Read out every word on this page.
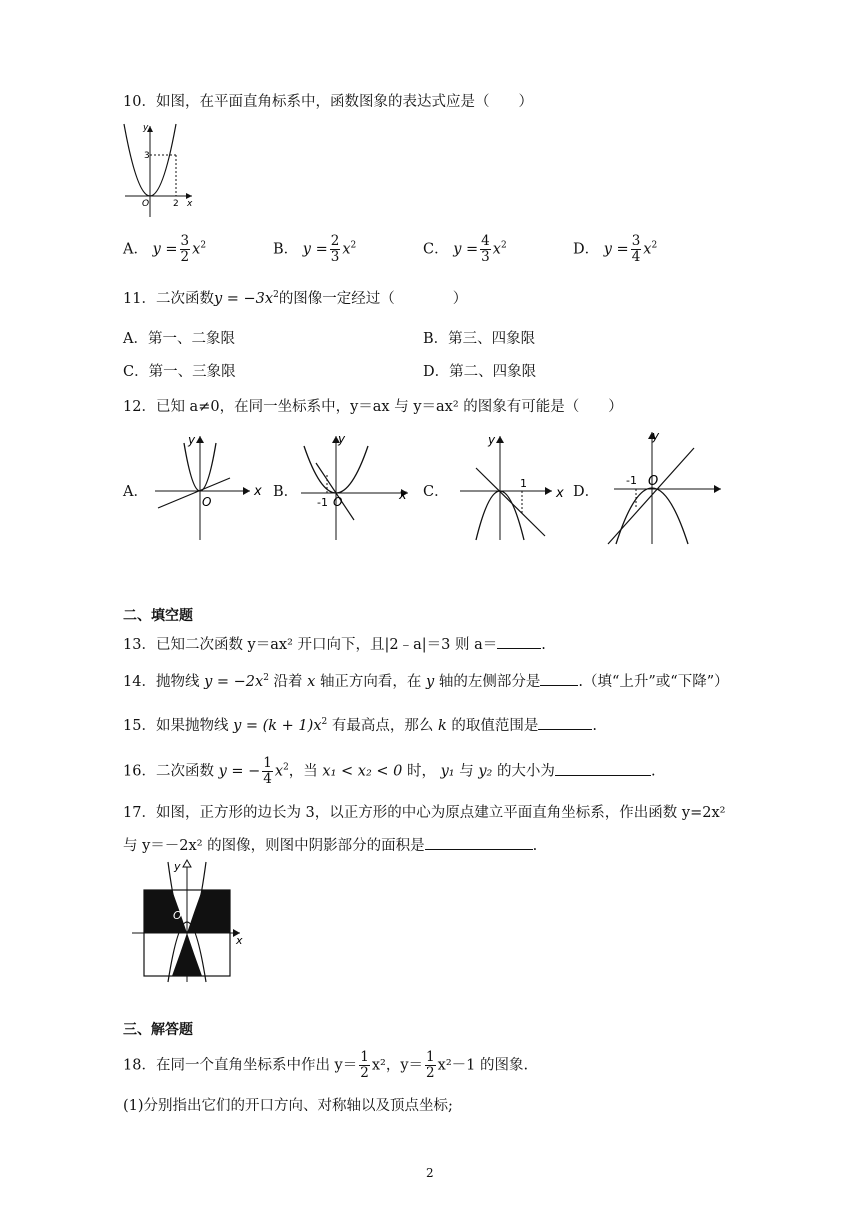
10．如图，在平面直角标系中，函数图象的表达式应是（　　）
y
x
O	2
3
A． $y = \frac{3}{2} x^2$	B． $y = \frac{2}{3} x^2$	C． $y = \frac{4}{3} x^2$	D． $y = \frac{3}{4} x^2$
11．二次函数$y = -3x^2$的图像一定经过（　　　　）
A．第一、二象限	B．第三、四象限
C．第一、三象限	D．第二、四象限
12．已知 a≠0，在同一坐标系中，y＝ax 与 y＝ax² 的图象有可能是（　　）
A．
y
x
O
B．
y
x
O
-1
C．
y
x
1
D．
y
O
-1
二、填空题
13．已知二次函数 y＝ax² 开口向下，且|2﹣a|＝3 则 a＝	.
14．抛物线 $y = -2x^2$ 沿着 x 轴正方向看，在 y 轴的左侧部分是	.（填“上升”或“下降”）
15．如果抛物线 $y = (k + 1)x^2$ 有最高点，那么 k 的取值范围是	.
16．二次函数 y = − $\frac{1}{4} x^2$，当 x₁ < x₂ < 0 时， y₁ 与 y₂ 的大小为	.
17．如图，正方形的边长为 3，以正方形的中心为原点建立平面直角坐标系，作出函数 y=2x²
与 y＝－2x² 的图像，则图中阴影部分的面积是	.
y
x
O
三、解答题
18．在同一个直角坐标系中作出 $y= \frac{1}{2} x^2$，$y= \frac{1}{2} x^2-1$ 的图象.
(1)分别指出它们的开口方向、对称轴以及顶点坐标;
2
